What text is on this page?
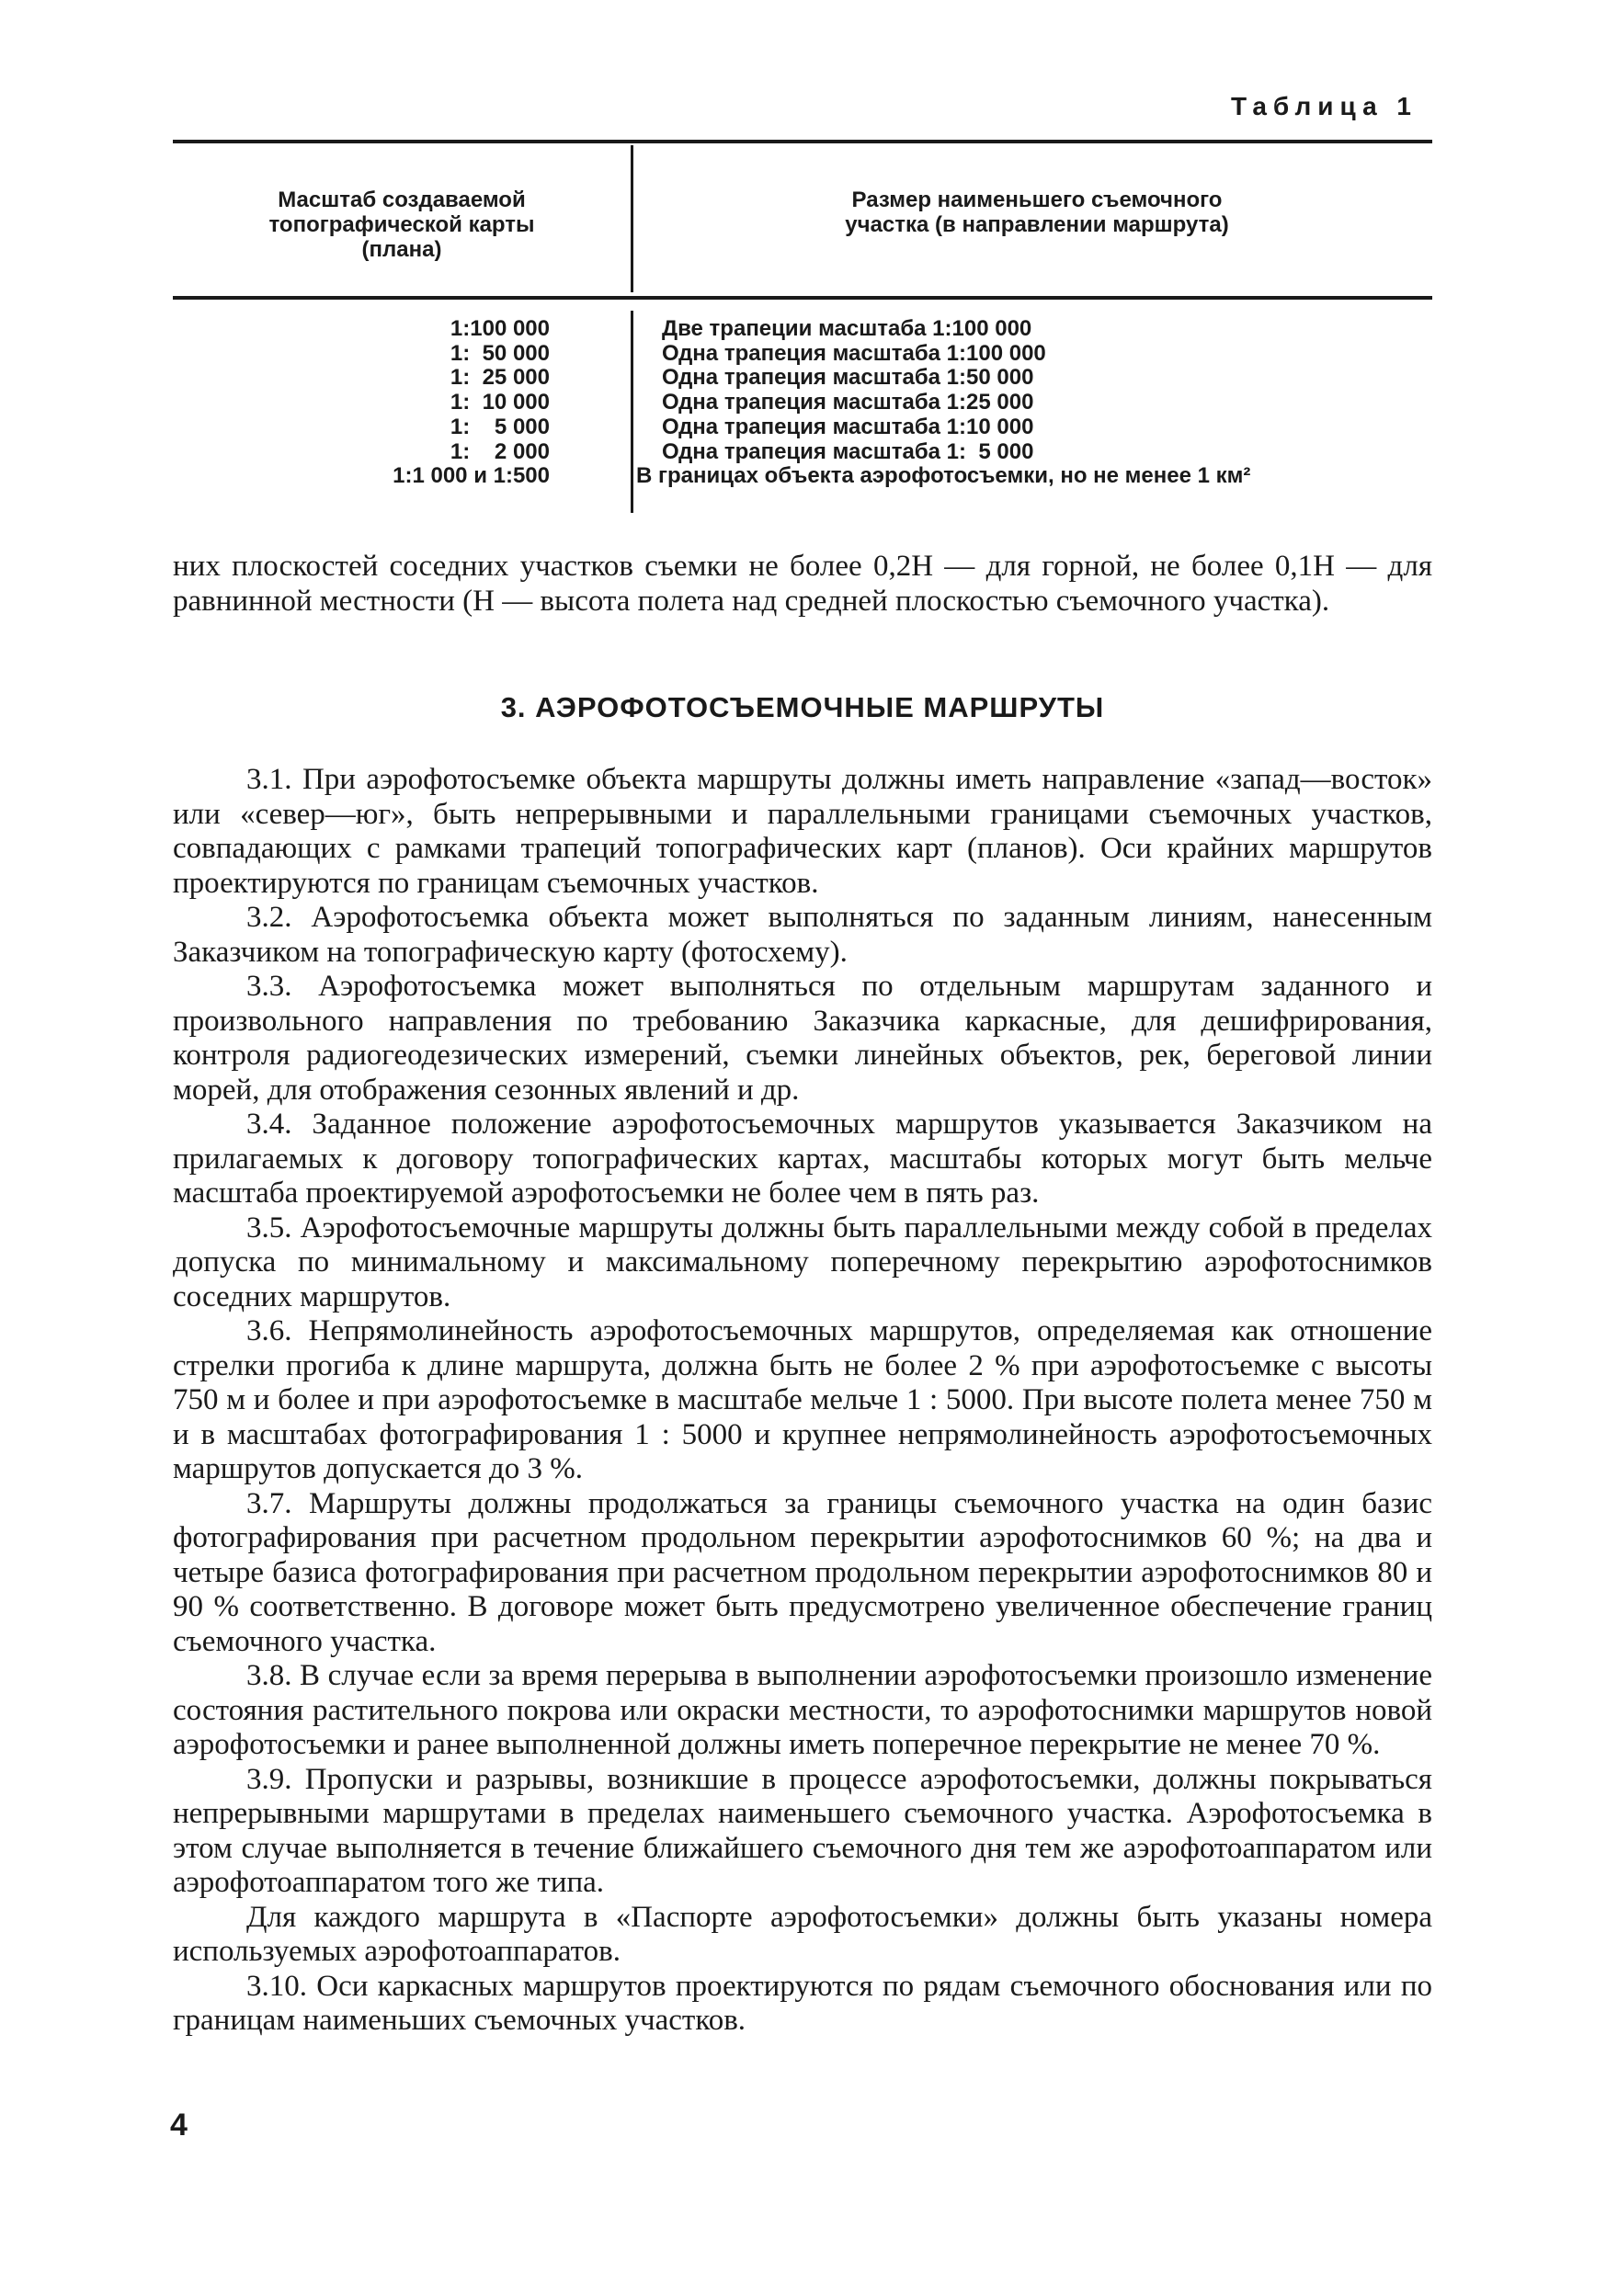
Таблица 1
Масштаб создаваемой
топографической карты
(плана)
Размер наименьшего съемочного
участка (в направлении маршрута)
1:100 000
1:  50 000
1:  25 000
1:  10 000
1:    5 000
1:    2 000
1:1 000 и 1:500
Две трапеции масштаба 1:100 000
Одна трапеция масштаба 1:100 000
Одна трапеция масштаба 1:50 000
Одна трапеция масштаба 1:25 000
Одна трапеция масштаба 1:10 000
Одна трапеция масштаба 1:  5 000
В границах объекта аэрофотосъемки, но не менее 1 км²

них плоскостей соседних участков съемки не более 0,2H — для горной, не более 0,1H — для равнинной местности (H — высота полета над средней плоскостью съемочного участка).

3. АЭРОФОТОСЪЕМОЧНЫЕ МАРШРУТЫ

3.1. При аэрофотосъемке объекта маршруты должны иметь направление «запад—восток» или «север—юг», быть непрерывными и параллельными границами съемочных участков, совпадающих с рамками трапеций топографических карт (планов). Оси крайних маршрутов проектируются по границам съемочных участков.

3.2. Аэрофотосъемка объекта может выполняться по заданным линиям, нанесенным Заказчиком на топографическую карту (фотосхему).

3.3. Аэрофотосъемка может выполняться по отдельным маршрутам заданного и произвольного направления по требованию Заказчика каркасные, для дешифрирования, контроля радиогеодезических измерений, съемки линейных объектов, рек, береговой линии морей, для отображения сезонных явлений и др.

3.4. Заданное положение аэрофотосъемочных маршрутов указывается Заказчиком на прилагаемых к договору топографических картах, масштабы которых могут быть мельче масштаба проектируемой аэрофотосъемки не более чем в пять раз.

3.5. Аэрофотосъемочные маршруты должны быть параллельными между собой в пределах допуска по минимальному и максимальному поперечному перекрытию аэрофотоснимков соседних маршрутов.

3.6. Непрямолинейность аэрофотосъемочных маршрутов, определяемая как отношение стрелки прогиба к длине маршрута, должна быть не более 2 % при аэрофотосъемке с высоты 750 м и более и при аэрофотосъемке в масштабе мельче 1 : 5000. При высоте полета менее 750 м и в масштабах фотографирования 1 : 5000 и крупнее непрямолинейность аэрофотосъемочных маршрутов допускается до 3 %.

3.7. Маршруты должны продолжаться за границы съемочного участка на один базис фотографирования при расчетном продольном перекрытии аэрофотоснимков 60 %; на два и четыре базиса фотографирования при расчетном продольном перекрытии аэрофотоснимков 80 и 90 % соответственно. В договоре может быть предусмотрено увеличенное обеспечение границ съемочного участка.

3.8. В случае если за время перерыва в выполнении аэрофотосъемки произошло изменение состояния растительного покрова или окраски местности, то аэрофотоснимки маршрутов новой аэрофотосъемки и ранее выполненной должны иметь поперечное перекрытие не менее 70 %.

3.9. Пропуски и разрывы, возникшие в процессе аэрофотосъемки, должны покрываться непрерывными маршрутами в пределах наименьшего съемочного участка. Аэрофотосъемка в этом случае выполняется в течение ближайшего съемочного дня тем же аэрофотоаппаратом или аэрофотоаппаратом того же типа.

Для каждого маршрута в «Паспорте аэрофотосъемки» должны быть указаны номера используемых аэрофотоаппаратов.

3.10. Оси каркасных маршрутов проектируются по рядам съемочного обоснования или по границам наименьших съемочных участков.

4
